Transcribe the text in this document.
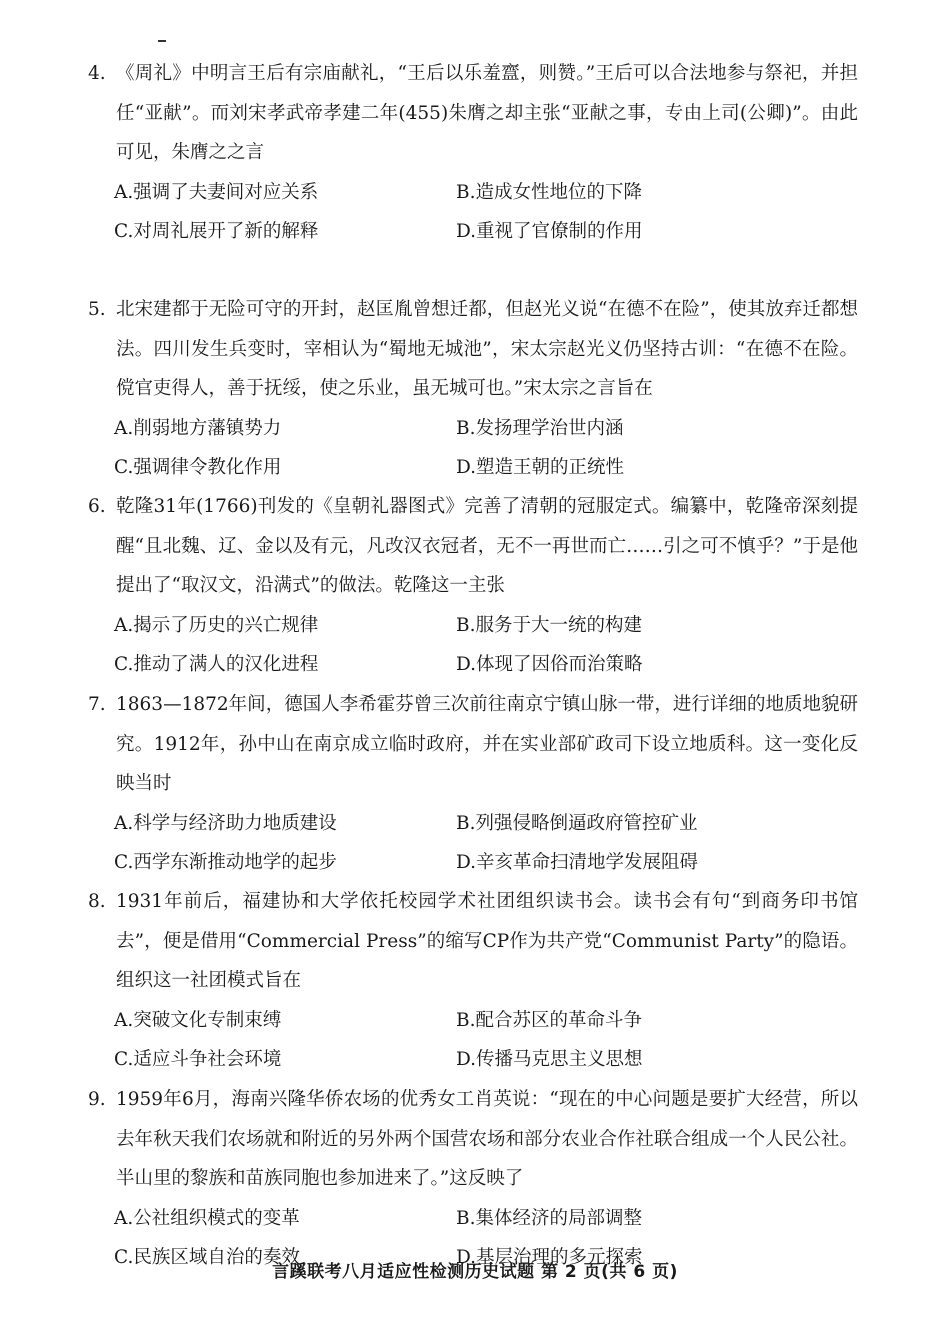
4. 《周礼》中明言王后有宗庙献礼，“王后以乐羞齍，则赞。”王后可以合法地参与祭祀，并担任“亚献”。而刘宋孝武帝孝建二年(455)朱膺之却主张“亚献之事，专由上司(公卿)”。由此可见，朱膺之之言
A.强调了夫妻间对应关系	B.造成女性地位的下降
C.对周礼展开了新的解释	D.重视了官僚制的作用
5. 北宋建都于无险可守的开封，赵匡胤曾想迁都，但赵光义说“在德不在险”，使其放弃迁都想法。四川发生兵变时，宰相认为“蜀地无城池”，宋太宗赵光义仍坚持古训：“在德不在险。傥官吏得人，善于抚绥，使之乐业，虽无城可也。”宋太宗之言旨在
A.削弱地方藩镇势力	B.发扬理学治世内涵
C.强调律令教化作用	D.塑造王朝的正统性
6. 乾隆31年(1766)刊发的《皇朝礼器图式》完善了清朝的冠服定式。编纂中，乾隆帝深刻提醒“且北魏、辽、金以及有元，凡改汉衣冠者，无不一再世而亡……引之可不慎乎？”于是他提出了“取汉文，沿满式”的做法。乾隆这一主张
A.揭示了历史的兴亡规律	B.服务于大一统的构建
C.推动了满人的汉化进程	D.体现了因俗而治策略
7. 1863—1872年间，德国人李希霍芬曾三次前往南京宁镇山脉一带，进行详细的地质地貌研究。1912年，孙中山在南京成立临时政府，并在实业部矿政司下设立地质科。这一变化反映当时
A.科学与经济助力地质建设	B.列强侵略倒逼政府管控矿业
C.西学东渐推动地学的起步	D.辛亥革命扫清地学发展阻碍
8. 1931年前后，福建协和大学依托校园学术社团组织读书会。读书会有句“到商务印书馆去”，便是借用“Commercial Press”的缩写CP作为共产党“Communist Party”的隐语。组织这一社团模式旨在
A.突破文化专制束缚	B.配合苏区的革命斗争
C.适应斗争社会环境	D.传播马克思主义思想
9. 1959年6月，海南兴隆华侨农场的优秀女工肖英说：“现在的中心问题是要扩大经营，所以去年秋天我们农场就和附近的另外两个国营农场和部分农业合作社联合组成一个人民公社。半山里的黎族和苗族同胞也参加进来了。”这反映了
A.公社组织模式的变革	B.集体经济的局部调整
C.民族区域自治的奏效	D.基层治理的多元探索
言蹊联考八月适应性检测历史试题 第 2 页(共 6 页)
